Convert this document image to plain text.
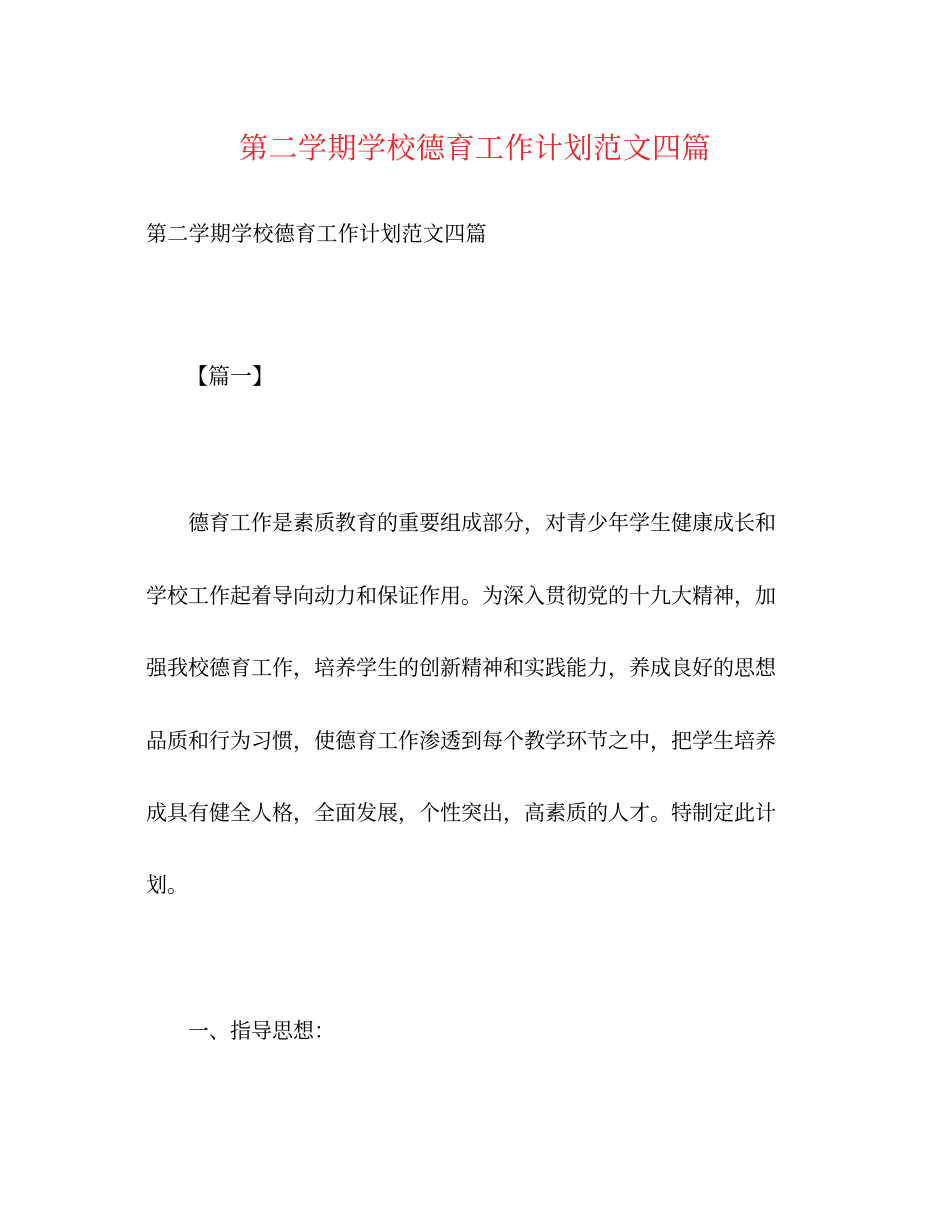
第二学期学校德育工作计划范文四篇
第二学期学校德育工作计划范文四篇
【篇一】
德育工作是素质教育的重要组成部分，对青少年学生健康成长和
学校工作起着导向动力和保证作用。为深入贯彻党的十九大精神，加
强我校德育工作，培养学生的创新精神和实践能力，养成良好的思想
品质和行为习惯，使德育工作渗透到每个教学环节之中，把学生培养
成具有健全人格，全面发展，个性突出，高素质的人才。特制定此计
划。
一、指导思想：
